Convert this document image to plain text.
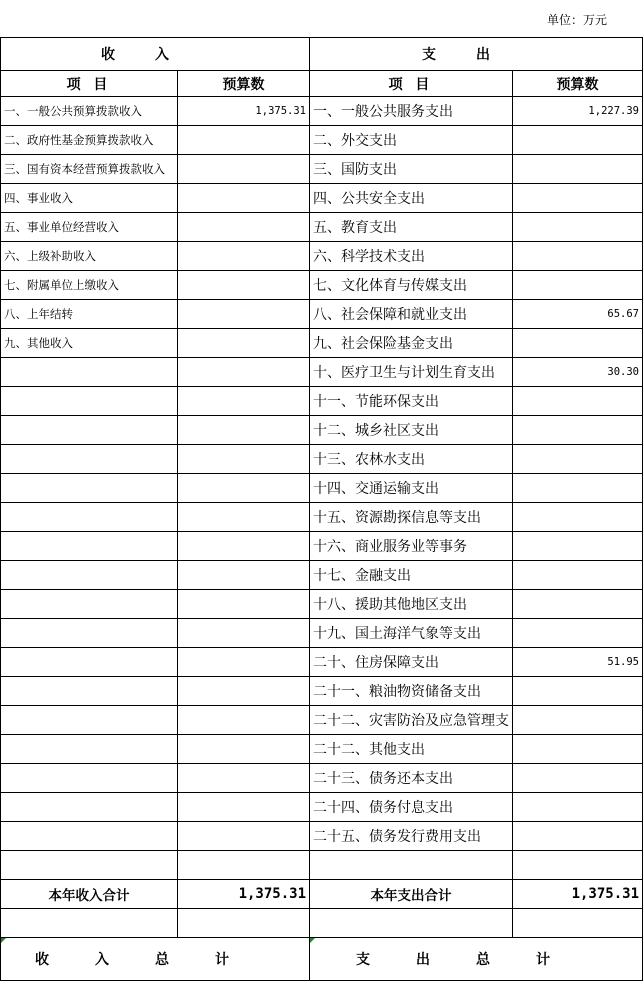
单位：万元
收入		支出	
项 目	预算数	项 目	预算数
一、一般公共预算拨款收入	1,375.31	一、一般公共服务支出	1,227.39
二、政府性基金预算拨款收入		二、外交支出	
三、国有资本经营预算拨款收入		三、国防支出	
四、事业收入		四、公共安全支出	
五、事业单位经营收入		五、教育支出	
六、上级补助收入		六、科学技术支出	
七、附属单位上缴收入		七、文化体育与传媒支出	
八、上年结转		八、社会保障和就业支出	65.67
九、其他收入		九、社会保险基金支出	
		十、医疗卫生与计划生育支出	30.30
		十一、节能环保支出	
		十二、城乡社区支出	
		十三、农林水支出	
		十四、交通运输支出	
		十五、资源勘探信息等支出	
		十六、商业服务业等事务	
		十七、金融支出	
		十八、援助其他地区支出	
		十九、国土海洋气象等支出	
		二十、住房保障支出	51.95
		二十一、粮油物资储备支出	
		二十二、灾害防治及应急管理支	
		二十二、其他支出	
		二十三、债务还本支出	
		二十四、债务付息支出	
		二十五、债务发行费用支出	

本年收入合计	1,375.31	本年支出合计	1,375.31

收入总计		支出总计	
